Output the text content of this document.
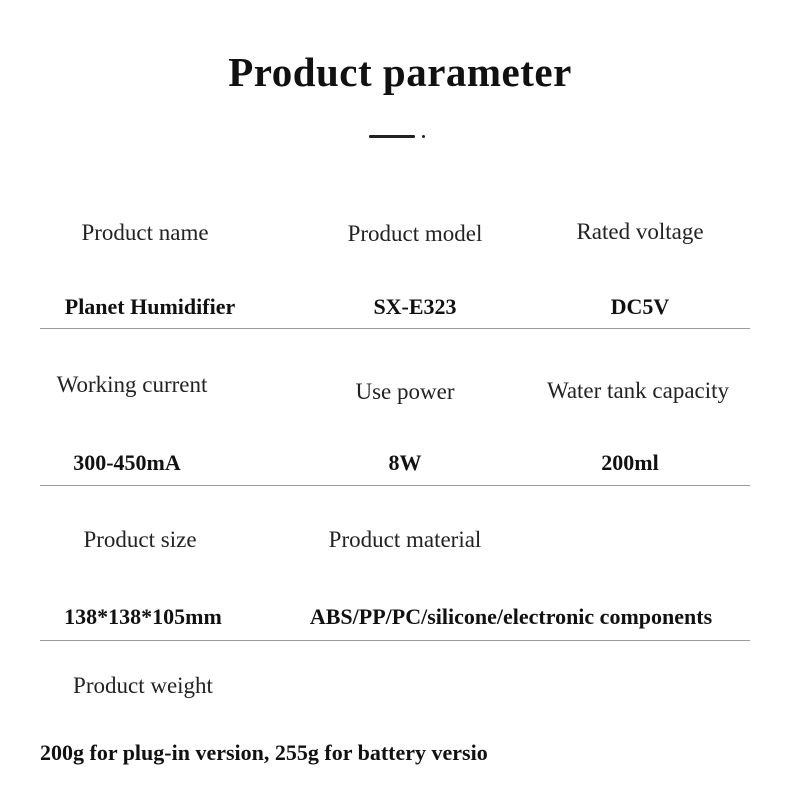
Product parameter
Product name	Product model	Rated voltage
Planet Humidifier	SX-E323	DC5V
Working current	Use power	Water tank capacity
300-450mA	8W	200ml
Product size	Product material
138*138*105mm	ABS/PP/PC/silicone/electronic components
Product weight
200g for plug-in version, 255g for battery versio
